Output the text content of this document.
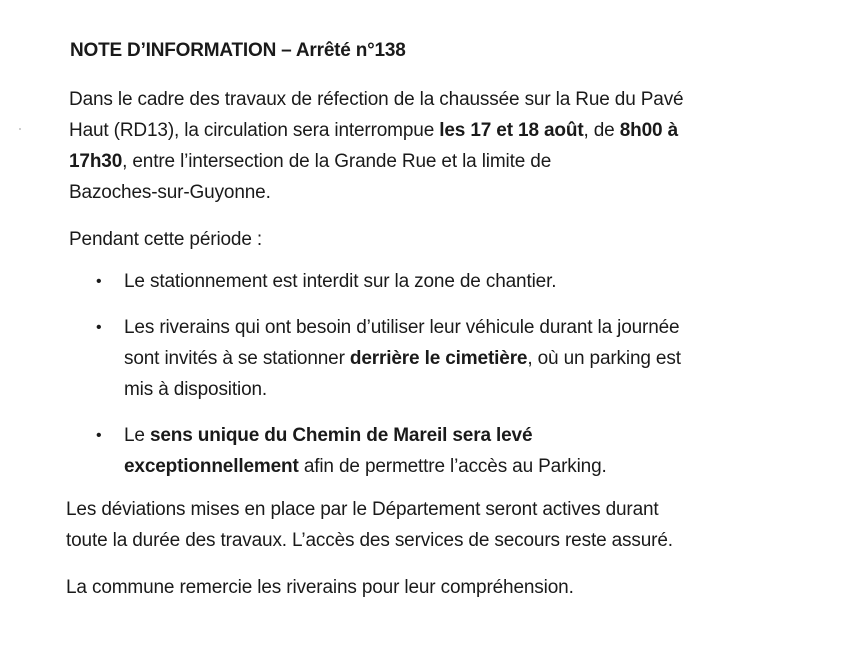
NOTE D’INFORMATION – Arrêté n°138

Dans le cadre des travaux de réfection de la chaussée sur la Rue du Pavé
Haut (RD13), la circulation sera interrompue les 17 et 18 août, de 8h00 à
17h30, entre l’intersection de la Grande Rue et la limite de
Bazoches-sur-Guyonne.

Pendant cette période :

• Le stationnement est interdit sur la zone de chantier.
• Les riverains qui ont besoin d’utiliser leur véhicule durant la journée
sont invités à se stationner derrière le cimetière, où un parking est
mis à disposition.
• Le sens unique du Chemin de Mareil sera levé
exceptionnellement afin de permettre l’accès au Parking.

Les déviations mises en place par le Département seront actives durant
toute la durée des travaux. L’accès des services de secours reste assuré.

La commune remercie les riverains pour leur compréhension.
